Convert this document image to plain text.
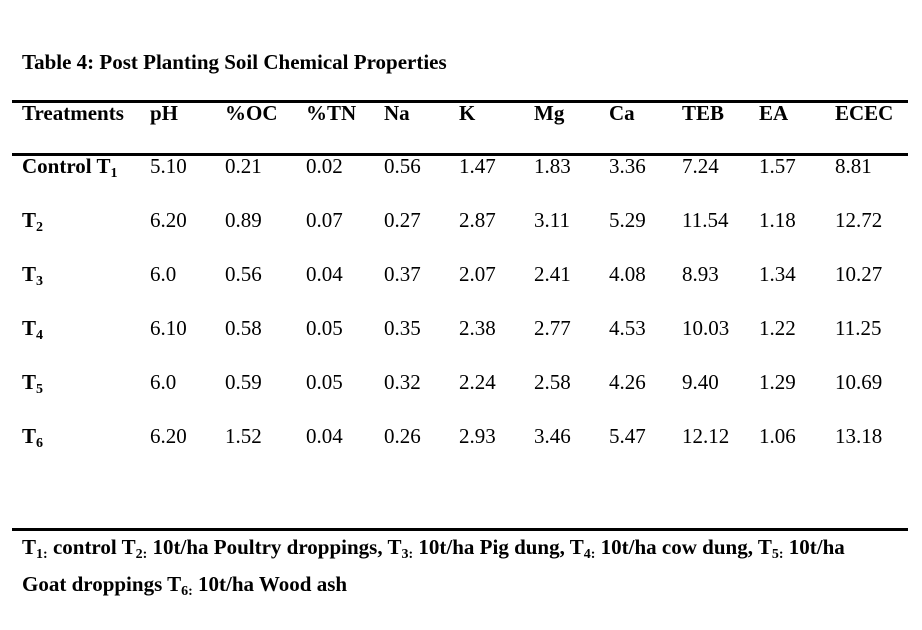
Table 4: Post Planting Soil Chemical Properties
Treatments pH %OC %TN Na K	Mg Ca TEB EA ECEC
Control $T_1$ 5.10 0.21 0.02 0.56 1.47 1.83 3.36 7.24 1.57 8.81
$T_2$	6.20 0.89 0.07 0.27 2.87 3.11 5.29 11.54 1.18 12.72
$T_3$	6.0 0.56 0.04 0.37 2.07 2.41 4.08 8.93 1.34 10.27
$T_4$	6.10 0.58 0.05 0.35 2.38 2.77 4.53 10.03 1.22 11.25
$T_5$	6.0 0.59 0.05 0.32 2.24 2.58 4.26 9.40 1.29 10.69
$T_6$	6.20 1.52 0.04 0.26 2.93 3.46 5.47 12.12 1.06 13.18
$T_{1:}$ control $T_{2:}$ 10t/ha Poultry droppings, $T_{3:}$ 10t/ha Pig dung, $T_{4:}$ 10t/ha cow dung, $T_{5:}$ 10t/ha
Goat droppings $T_{6:}$ 10t/ha Wood ash
